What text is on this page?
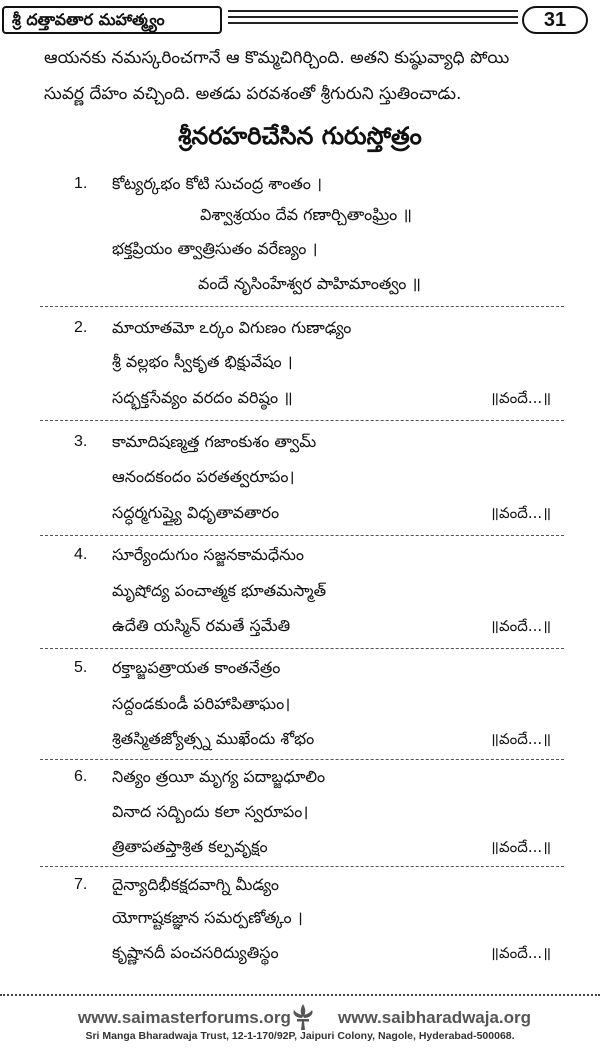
శ్రీ దత్తావతార మహాత్మ్యం	31
ఆయనకు నమస్కరించగానే ఆ కొమ్మచిగిర్చింది. అతని కుష్ఠువ్యాధి పోయి
సువర్ణ దేహం వచ్చింది. అతడు పరవశంతో శ్రీగురుని స్తుతించాడు.
శ్రీనరహరిచేసిన గురుస్తోత్రం
1. కోట్యర్కభం కోటి సుచంద్ర శాంతం ।
విశ్వాశ్రయం దేవ గణార్చితాంఘ్రిం ॥
భక్తప్రియం త్వాత్రిసుతం వరేణ్యం ।
వందే నృసింహేశ్వర పాహిమాంత్వం ॥
2. మాయాతమో ఽర్కం విగుణం గుణాఢ్యం
శ్రీ వల్లభం స్వీకృత భిక్షువేషం ।
సద్భక్తసేవ్యం వరదం వరిష్ఠం ॥	॥వందే...॥
3. కామాదిషణ్మత్త గజాంకుశం త్వామ్
ఆనందకందం పరతత్వరూపం।
సద్ధర్మగుప్త్యై విధృతావతారం	॥వందే...॥
4. సూర్యేందుగుం సజ్జనకామధేనుం
మృషోద్య పంచాత్మక భూతమస్మాత్
ఉదేతి యస్మిన్ రమతే స్తమేతి	॥వందే...॥
5. రక్తాబ్జపత్రాయత కాంతనేత్రం
సద్దండకుండీ పరిహాపితాఘం।
శ్రితస్మితజ్యోత్స్న ముఖేందు శోభం	॥వందే...॥
6. నిత్యం త్రయీ మృగ్య పదాబ్జధూలిం
వినాద సద్బిందు కలా స్వరూపం।
త్రితాపతప్తాశ్రిత కల్పవృక్షం	॥వందే...॥
7. దైన్యాదిభీకక్షదవాగ్ని మీడ్యం
యోగాష్టకజ్ఞాన సమర్పణోత్కం ।
కృష్ణానదీ పంచసరిద్యుతిస్థం	॥వందే...॥
www.saimasterforums.org	www.saibharadwaja.org
Sri Manga Bharadwaja Trust, 12-1-170/92P, Jaipuri Colony, Nagole, Hyderabad-500068.
